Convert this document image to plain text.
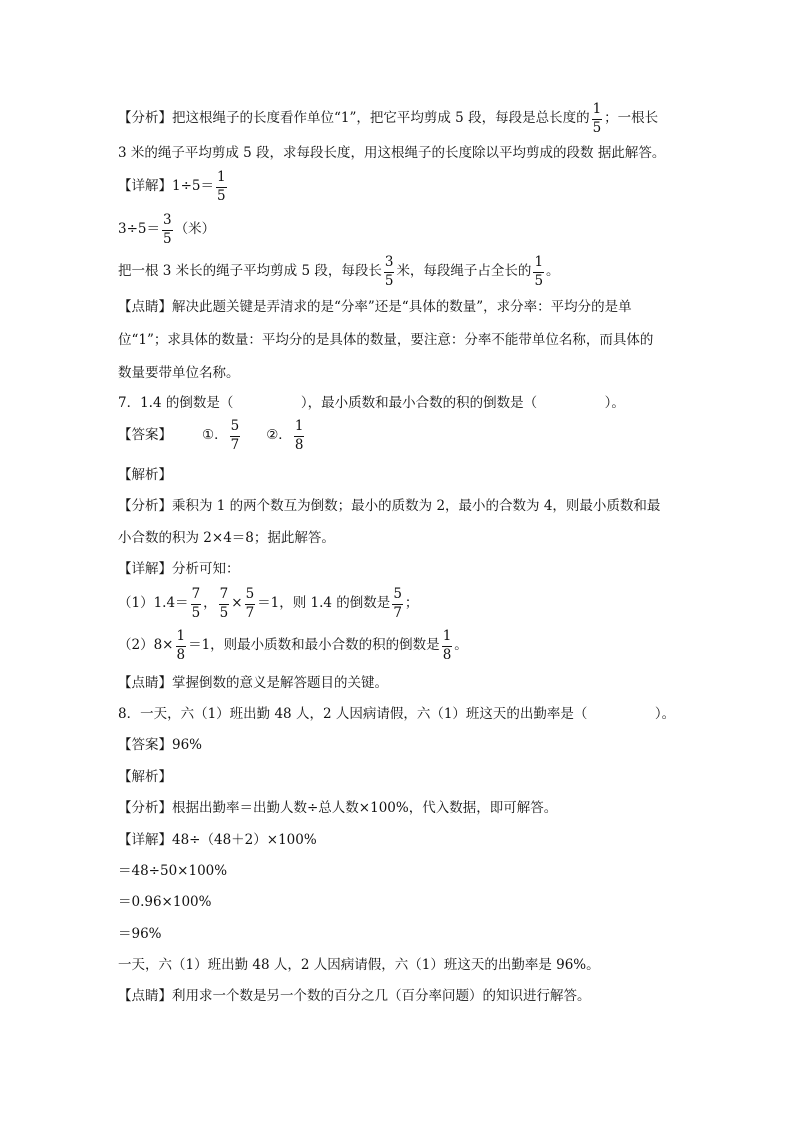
【分析】把这根绳子的长度看作单位“1”，把它平均剪成 5 段，每段是总长度的 $\frac{1}{5}$ ；一根长
3 米的绳子平均剪成 5 段，求每段长度，用这根绳子的长度除以平均剪成的段数 据此解答。
【详解】$1\div 5= \frac{1}{5}$
$3\div 5= \frac{3}{5}$ （米）
把一根 3 米长的绳子平均剪成 5 段，每段长 $\frac{3}{5}$ 米，每段绳子占全长的 $\frac{1}{5}$ 。
【点睛】解决此题关键是弄清求的是“分率”还是“具体的数量”，求分率：平均分的是单
位“1”；求具体的数量：平均分的是具体的数量，要注意：分率不能带单位名称，而具体的
数量要带单位名称。
7．1.4 的倒数是（　　　　　），最小质数和最小合数的积的倒数是（　　　　　）。
【答案】 ①． $\frac{5}{7}$ ②． $\frac{1}{8}$
【解析】
【分析】乘积为 1 的两个数互为倒数；最小的质数为 2，最小的合数为 4，则最小质数和最
小合数的积为 2×4＝8；据此解答。
【详解】分析可知：
$(1)1.4= \frac{7}{5}$ ， $\frac{7}{5} \times \frac{5}{7} =1$，则 1.4 的倒数是 $\frac{5}{7}$ ；
$(2)8\times \frac{1}{8} =1$，则最小质数和最小合数的积的倒数是 $\frac{1}{8}$ 。
【点睛】掌握倒数的意义是解答题目的关键。
8．一天，六（1）班出勤 48 人，2 人因病请假，六（1）班这天的出勤率是（　　　　　）。
【答案】96%
【解析】
【分析】根据出勤率＝出勤人数÷总人数×100%，代入数据，即可解答。
【详解】48÷（48＋2）×100%
＝48÷50×100%
＝0.96×100%
＝96%
一天，六（1）班出勤 48 人，2 人因病请假，六（1）班这天的出勤率是 96%。
【点睛】利用求一个数是另一个数的百分之几（百分率问题）的知识进行解答。
